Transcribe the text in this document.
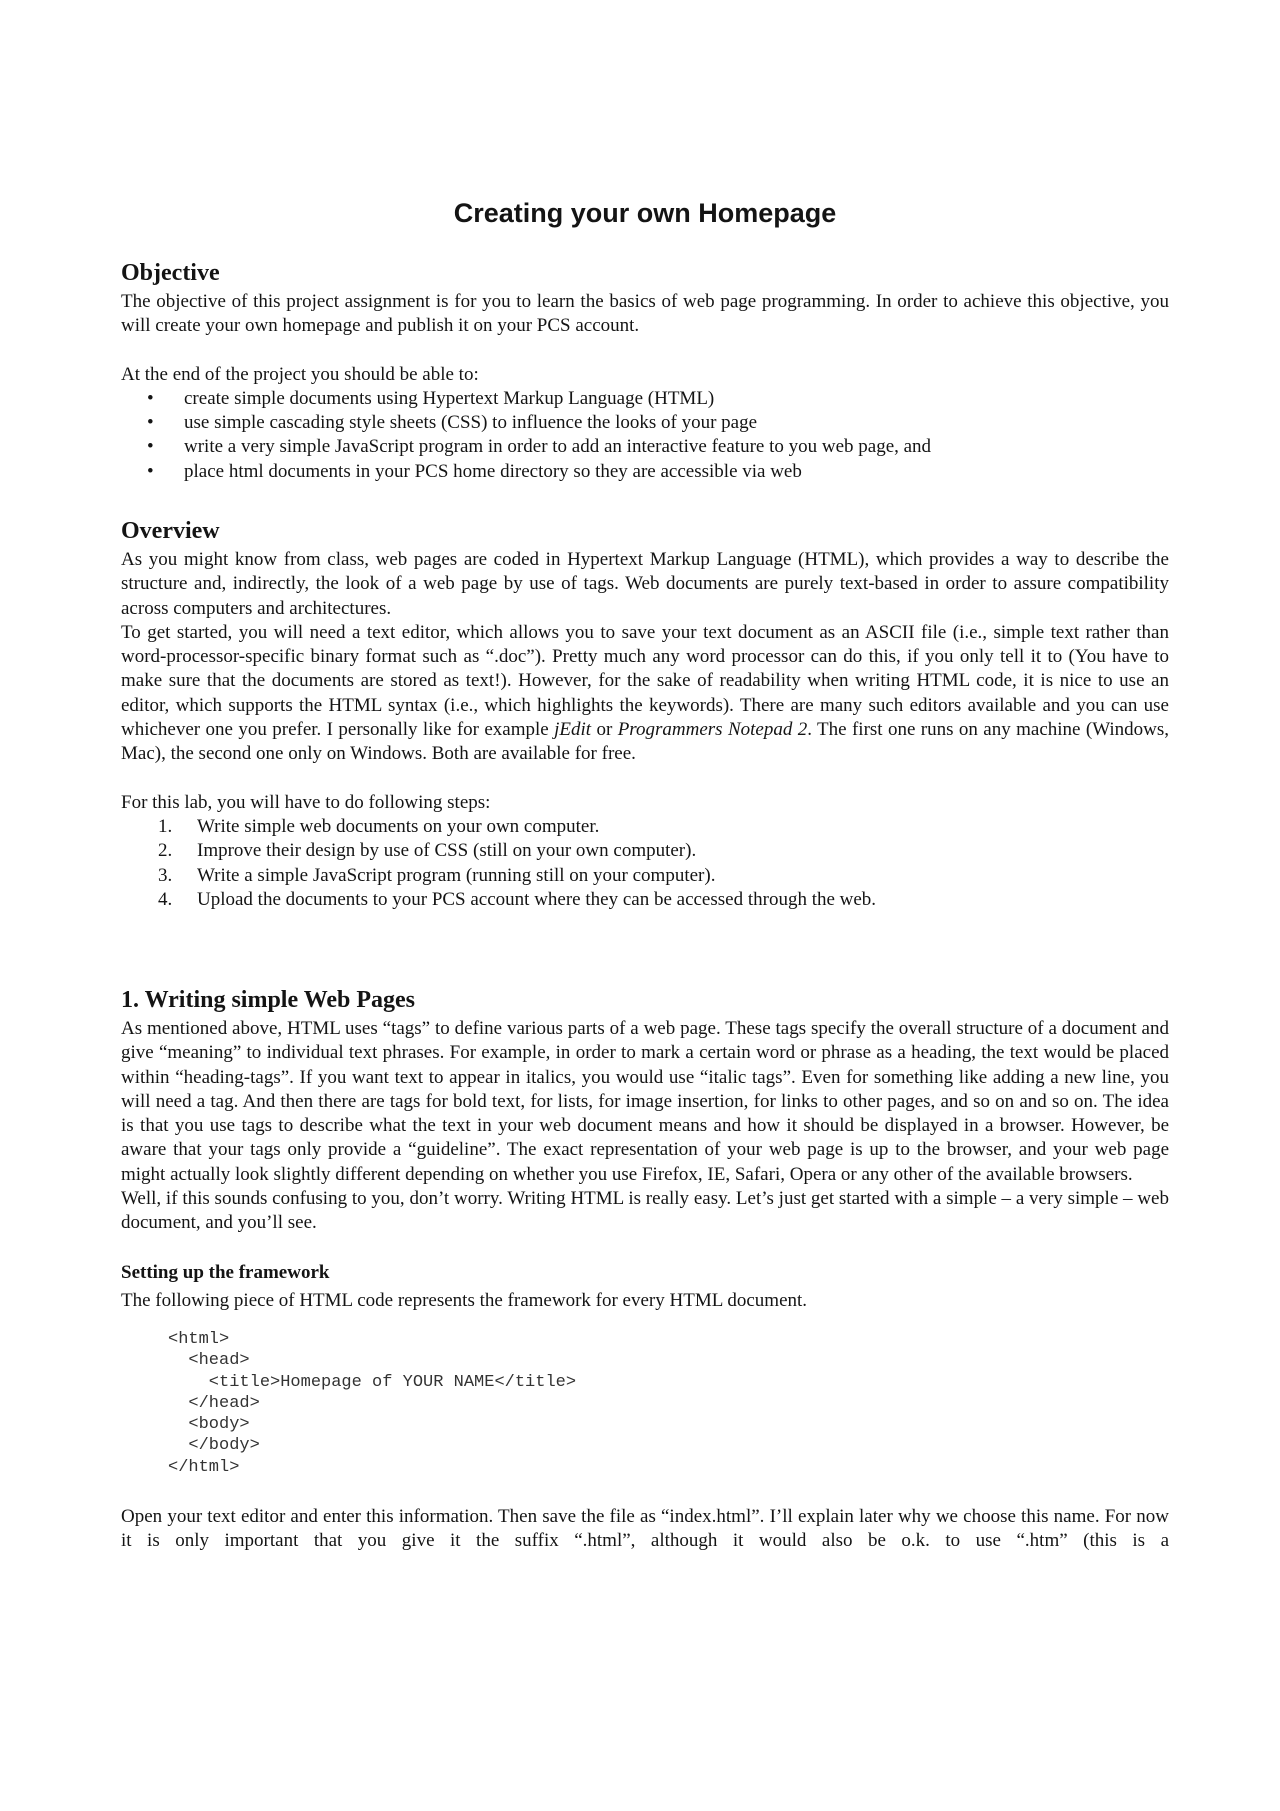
Creating your own Homepage
Objective

The objective of this project assignment is for you to learn the basics of web page programming. In order to achieve this objective, you will create your own homepage and publish it on your PCS account.

At the end of the project you should be able to:

• create simple documents using Hypertext Markup Language (HTML)
• use simple cascading style sheets (CSS) to influence the looks of your page
• write a very simple JavaScript program in order to add an interactive feature to you web page, and
• place html documents in your PCS home directory so they are accessible via web
Overview

As you might know from class, web pages are coded in Hypertext Markup Language (HTML), which provides a way to describe the structure and, indirectly, the look of a web page by use of tags. Web documents are purely text-based in order to assure compatibility across computers and architectures.

To get started, you will need a text editor, which allows you to save your text document as an ASCII file (i.e., simple text rather than word-processor-specific binary format such as “.doc”). Pretty much any word processor can do this, if you only tell it to (You have to make sure that the documents are stored as text!). However, for the sake of readability when writing HTML code, it is nice to use an editor, which supports the HTML syntax (i.e., which highlights the keywords). There are many such editors available and you can use whichever one you prefer. I personally like for example jEdit or Programmers Notepad 2. The first one runs on any machine (Windows, Mac), the second one only on Windows. Both are available for free.

For this lab, you will have to do following steps:

1. Write simple web documents on your own computer.
2. Improve their design by use of CSS (still on your own computer).
3. Write a simple JavaScript program (running still on your computer).
4. Upload the documents to your PCS account where they can be accessed through the web.
1. Writing simple Web Pages

As mentioned above, HTML uses “tags” to define various parts of a web page. These tags specify the overall structure of a document and give “meaning” to individual text phrases. For example, in order to mark a certain word or phrase as a heading, the text would be placed within “heading-tags”. If you want text to appear in italics, you would use “italic tags”. Even for something like adding a new line, you will need a tag. And then there are tags for bold text, for lists, for image insertion, for links to other pages, and so on and so on. The idea is that you use tags to describe what the text in your web document means and how it should be displayed in a browser. However, be aware that your tags only provide a “guideline”. The exact representation of your web page is up to the browser, and your web page might actually look slightly different depending on whether you use Firefox, IE, Safari, Opera or any other of the available browsers.

Well, if this sounds confusing to you, don’t worry. Writing HTML is really easy. Let’s just get started with a simple – a very simple – web document, and you’ll see.

Setting up the framework

The following piece of HTML code represents the framework for every HTML document.

<html>
<head>
<title>Homepage of YOUR NAME</title>
</head>
<body>
</body>
</html>

Open your text editor and enter this information. Then save the file as “index.html”. I’ll explain later why we choose this name. For now it is only important that you give it the suffix “.html”, although it would also be o.k. to use “.htm” (this is a
